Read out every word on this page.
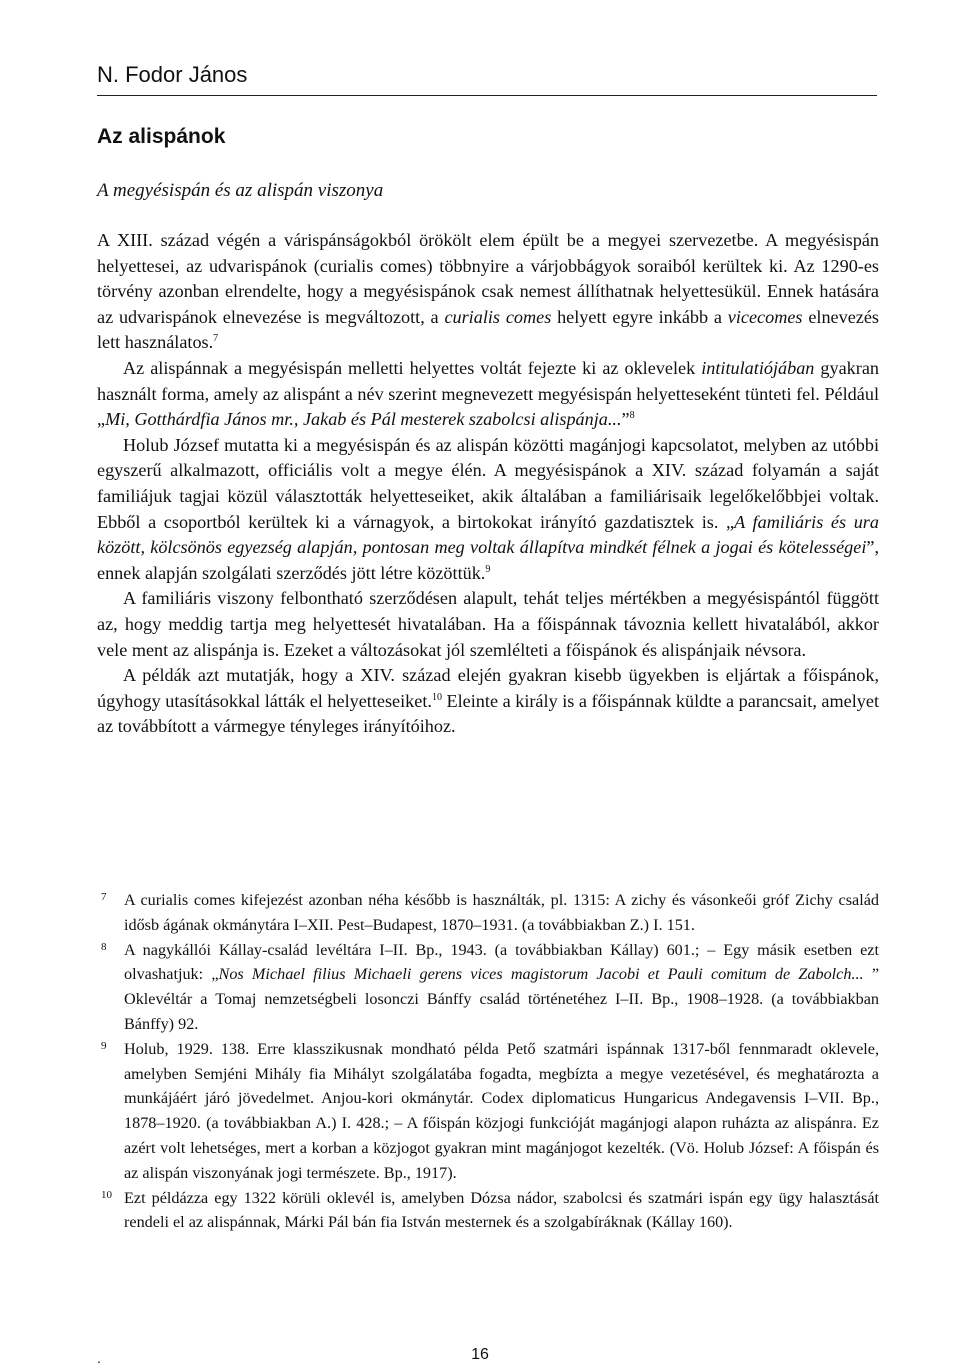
N. Fodor János
Az alispánok
A megyésispán és az alispán viszonya

A XIII. század végén a várispánságokból örökölt elem épült be a megyei szervezetbe. A megyésispán helyettesei, az udvarispánok (curialis comes) többnyire a várjobbágyok soraiból kerültek ki. Az 1290-es törvény azonban elrendelte, hogy a megyésispánok csak nemest állíthatnak helyettesükül. Ennek hatására az udvarispánok elnevezése is megváltozott, a curialis comes helyett egyre inkább a vicecomes elnevezés lett használatos.$^7$

Az alispánnak a megyésispán melletti helyettes voltát fejezte ki az oklevelek intitulatiójában gyakran használt forma, amely az alispánt a név szerint megnevezett megyésispán helyetteseként tünteti fel. Például „Mi, Gotthárdfia János mr., Jakab és Pál mesterek szabolcsi alispánja...”$^8$

Holub József mutatta ki a megyésispán és az alispán közötti magánjogi kapcsolatot, melyben az utóbbi egyszerű alkalmazott, officiális volt a megye élén. A megyésispánok a XIV. század folyamán a saját familiájuk tagjai közül választották helyetteseiket, akik általában a familiárisaik legelőkelőbbjei voltak. Ebből a csoportból kerültek ki a várnagyok, a birtokokat irányító gazdatisztek is. „A familiáris és ura között, kölcsönös egyezség alapján, pontosan meg voltak állapítva mindkét félnek a jogai és kötelességei”, ennek alapján szolgálati szerződés jött létre közöttük.$^9$

A familiáris viszony felbontható szerződésen alapult, tehát teljes mértékben a megyésispántól függött az, hogy meddig tartja meg helyettesét hivatalában. Ha a főispánnak távoznia kellett hivatalából, akkor vele ment az alispánja is. Ezeket a változásokat jól szemlélteti a főispánok és alispánjaik névsora.

A példák azt mutatják, hogy a XIV. század elején gyakran kisebb ügyekben is eljártak a főispánok, úgyhogy utasításokkal látták el helyetteseiket.$^{10}$ Eleinte a király is a főispánnak küldte a parancsait, amelyet az továbbított a vármegye tényleges irányítóihoz.

7 A curialis comes kifejezést azonban néha később is használták, pl. 1315: A zichy és vásonkeői gróf Zichy család idősb ágának okmánytára I–XII. Pest–Budapest, 1870–1931. (a továbbiakban Z.) I. 151.

8 A nagykállói Kállay-család levéltára I–II. Bp., 1943. (a továbbiakban Kállay) 601.; – Egy másik esetben ezt olvashatjuk: „Nos Michael filius Michaeli gerens vices magistorum Jacobi et Pauli comitum de Zabolch... ” Oklevéltár a Tomaj nemzetségbeli losonczi Bánffy család történetéhez I–II. Bp., 1908–1928. (a továbbiakban Bánffy) 92.

9 Holub, 1929. 138. Erre klasszikusnak mondható példa Pető szatmári ispánnak 1317-ből fennmaradt oklevele, amelyben Semjéni Mihály fia Mihályt szolgálatába fogadta, megbízta a megye vezetésével, és meghatározta a munkájáért járó jövedelmet. Anjou-kori okmánytár. Codex diplomaticus Hungaricus Andegavensis I–VII. Bp., 1878–1920. (a továbbiakban A.) I. 428.; – A főispán közjogi funkcióját magánjogi alapon ruházta az alispánra. Ez azért volt lehetséges, mert a korban a közjogot gyakran mint magánjogot kezelték. (Vö. Holub József: A főispán és az alispán viszonyának jogi természete. Bp., 1917).

10 Ezt példázza egy 1322 körüli oklevél is, amelyben Dózsa nádor, szabolcsi és szatmári ispán egy ügy halasztását rendeli el az alispánnak, Márki Pál bán fia István mesternek és a szolgabíráknak (Kállay 160).

.	16
